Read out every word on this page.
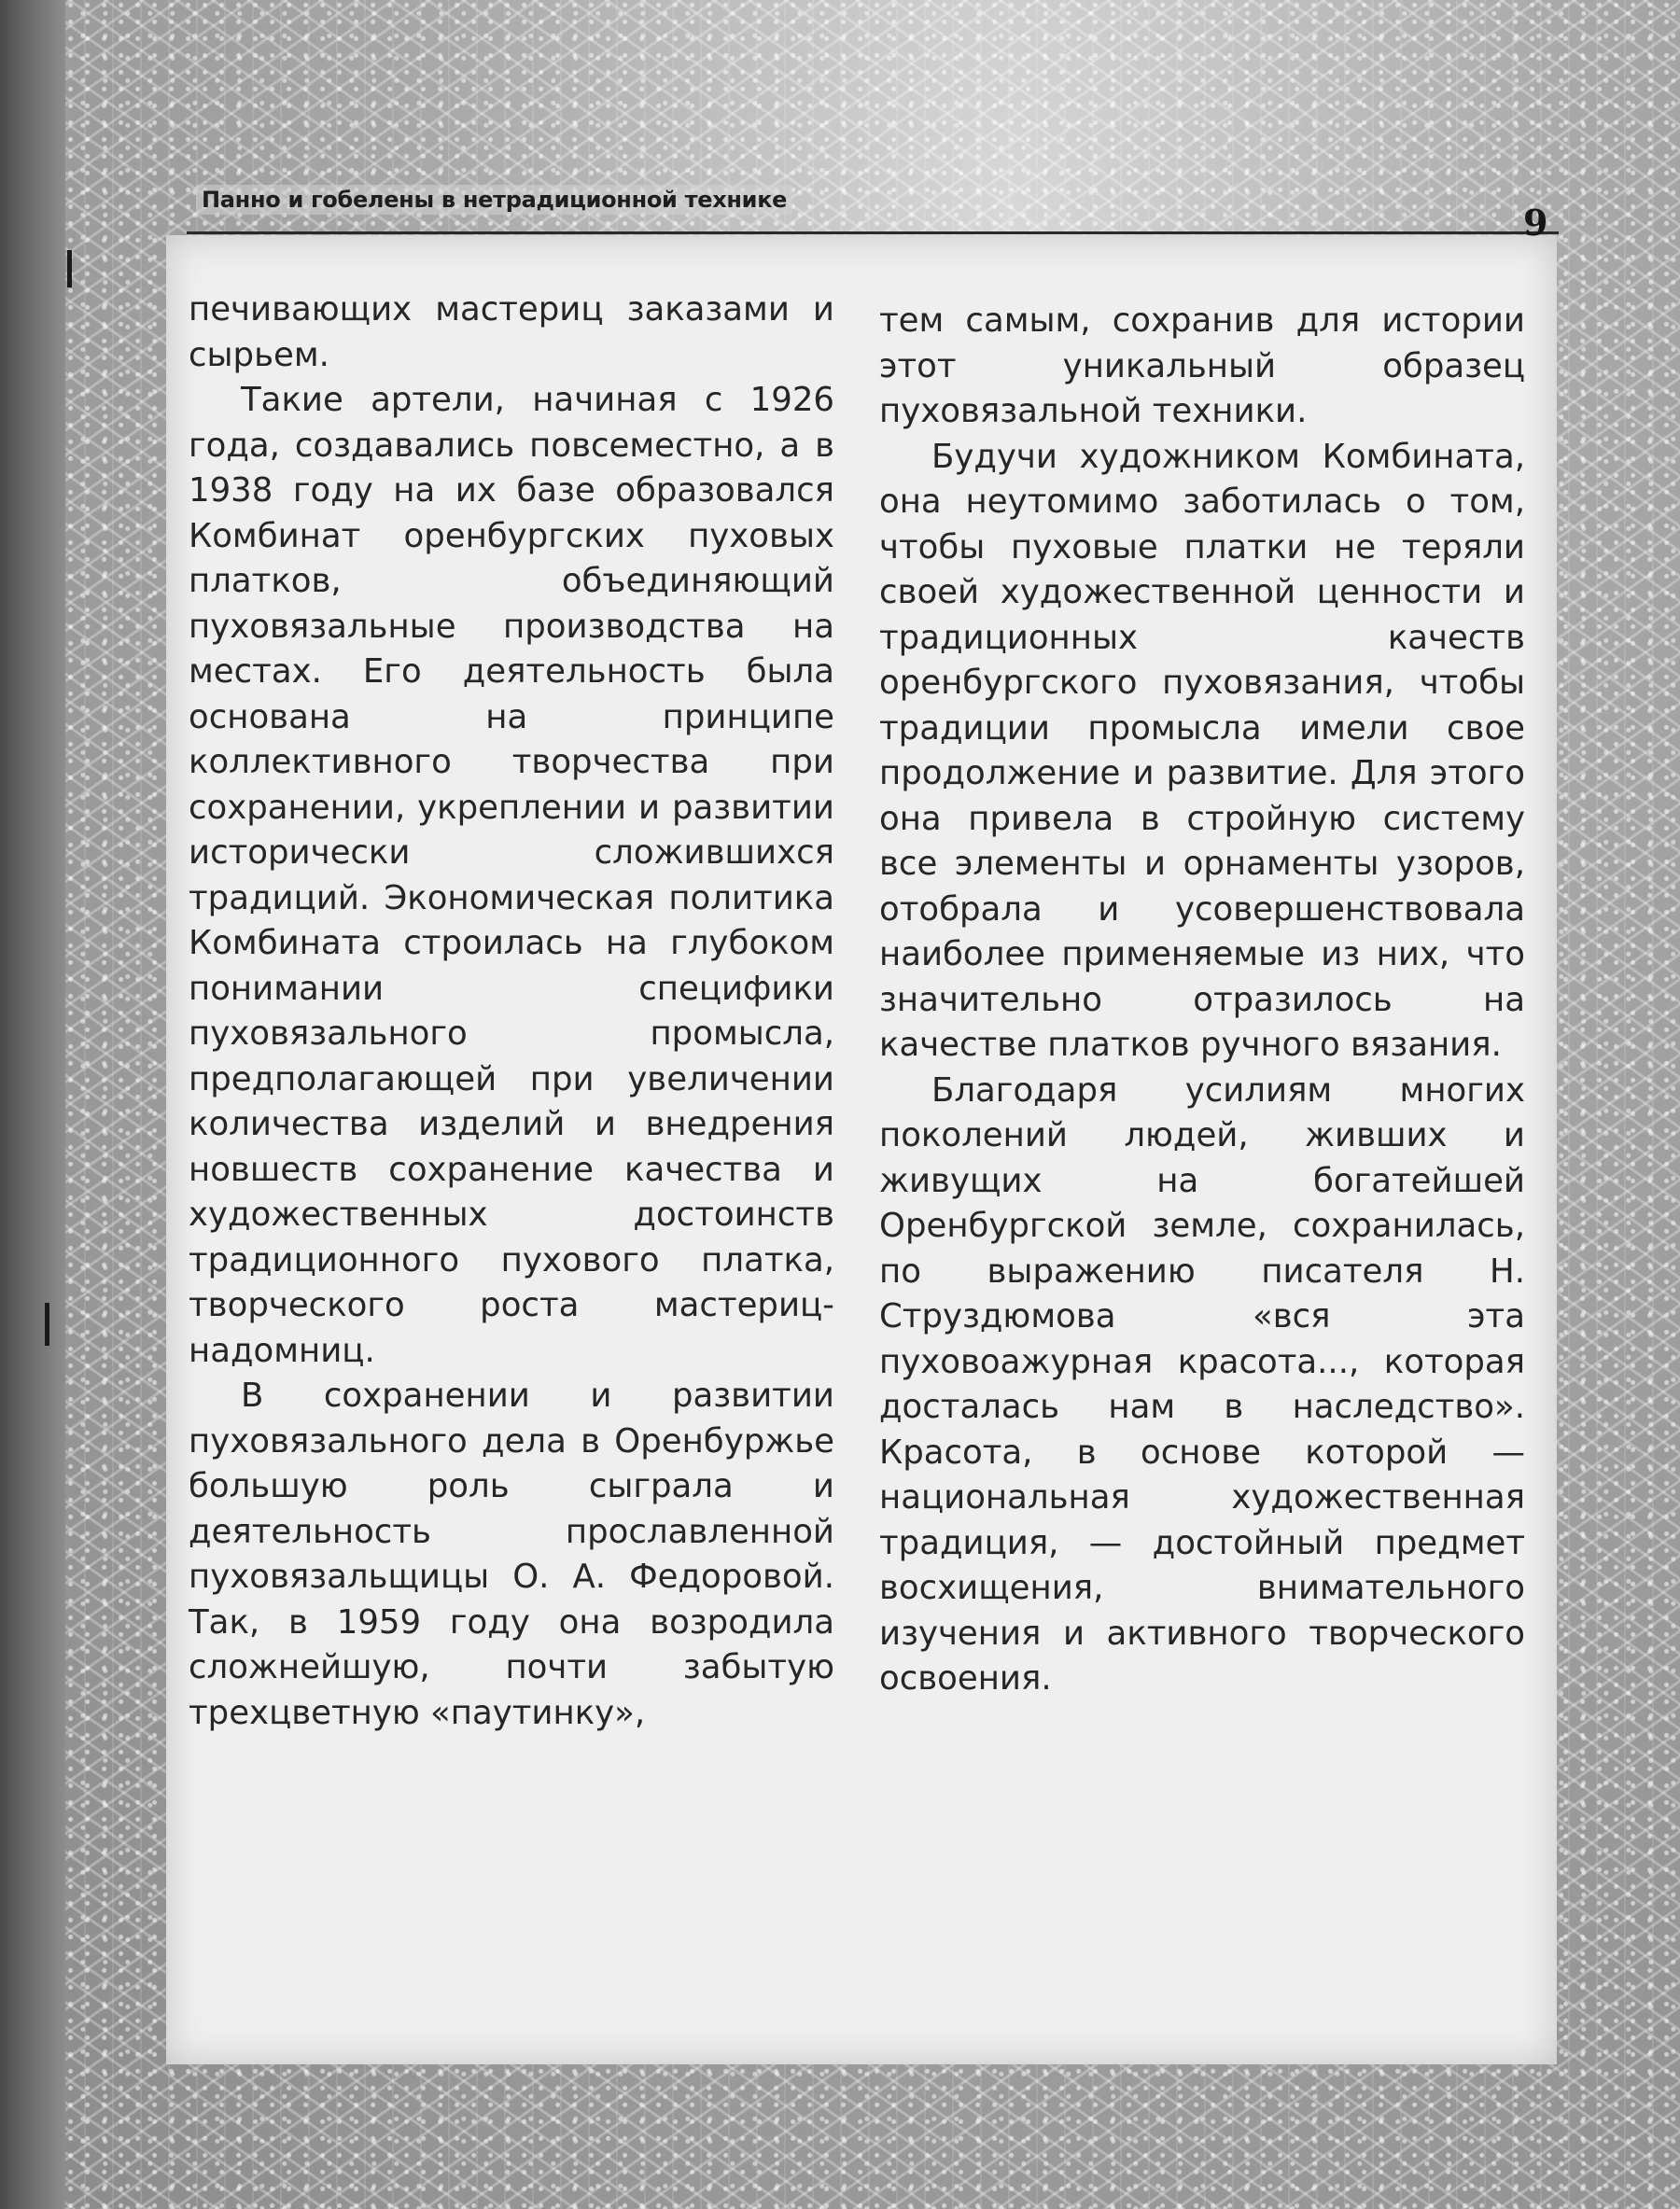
Панно и гобелены в нетрадиционной технике
9

печивающих мастериц заказами и сырьем.

Такие артели, начиная с 1926 года, создавались повсеместно, а в 1938 году на их базе образовался Комбинат оренбургских пуховых платков, объединяющий пуховязальные производства на местах. Его деятельность была основана на принципе коллективного творчества при сохранении, укреплении и развитии исторически сложившихся традиций. Экономическая политика Комбината строилась на глубоком понимании специфики пуховязального промысла, предполагающей при увеличении количества изделий и внедрения новшеств сохранение качества и художественных достоинств традиционного пухового платка, творческого роста мастериц-надомниц.

В сохранении и развитии пуховязального дела в Оренбуржье большую роль сыграла и деятельность прославленной пуховязальщицы О. А. Федоровой. Так, в 1959 году она возродила сложнейшую, почти забытую трехцветную «паутинку»,

тем самым, сохранив для истории этот уникальный образец пуховязальной техники.

Будучи художником Комбината, она неутомимо заботилась о том, чтобы пуховые платки не теряли своей художественной ценности и традиционных качеств оренбургского пуховязания, чтобы традиции промысла имели свое продолжение и развитие. Для этого она привела в стройную систему все элементы и орнаменты узоров, отобрала и усовершенствовала наиболее применяемые из них, что значительно отразилось на качестве платков ручного вязания.

Благодаря усилиям многих поколений людей, живших и живущих на богатейшей Оренбургской земле, сохранилась, по выражению писателя Н. Струздюмова «вся эта пуховоажурная красота..., которая досталась нам в наследство». Красота, в основе которой — национальная художественная традиция, — достойный предмет восхищения, внимательного изучения и активного творческого освоения.
